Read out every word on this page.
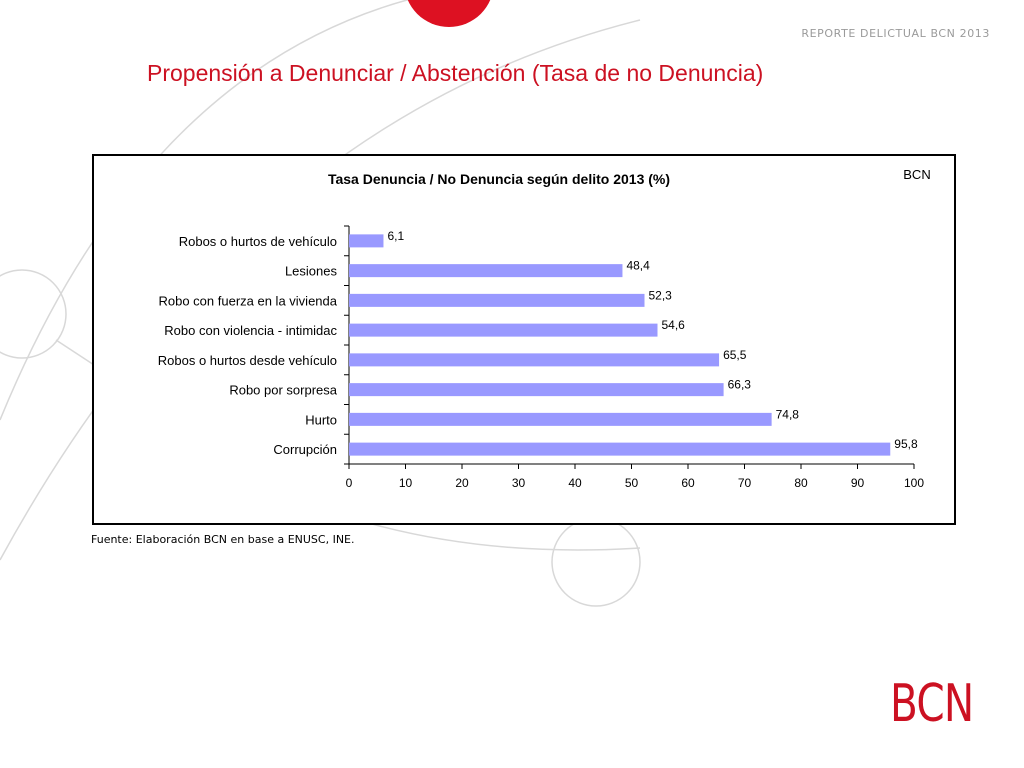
REPORTE DELICTUAL BCN 2013
Propensión a Denunciar / Abstención (Tasa de no Denuncia)
Tasa Denuncia / No Denuncia según delito 2013 (%)	BCN
0	10	20	30	40	50	60	70	80	90	100
Robos o hurtos de vehículo	6,1
Lesiones	48,4
Robo con fuerza en la vivienda	52,3
Robo con violencia - intimidac	54,6
Robos o hurtos desde vehículo	65,5
Robo por sorpresa	66,3
Hurto	74,8
Corrupción	95,8
Fuente: Elaboración BCN en base a ENUSC, INE.
BCN
